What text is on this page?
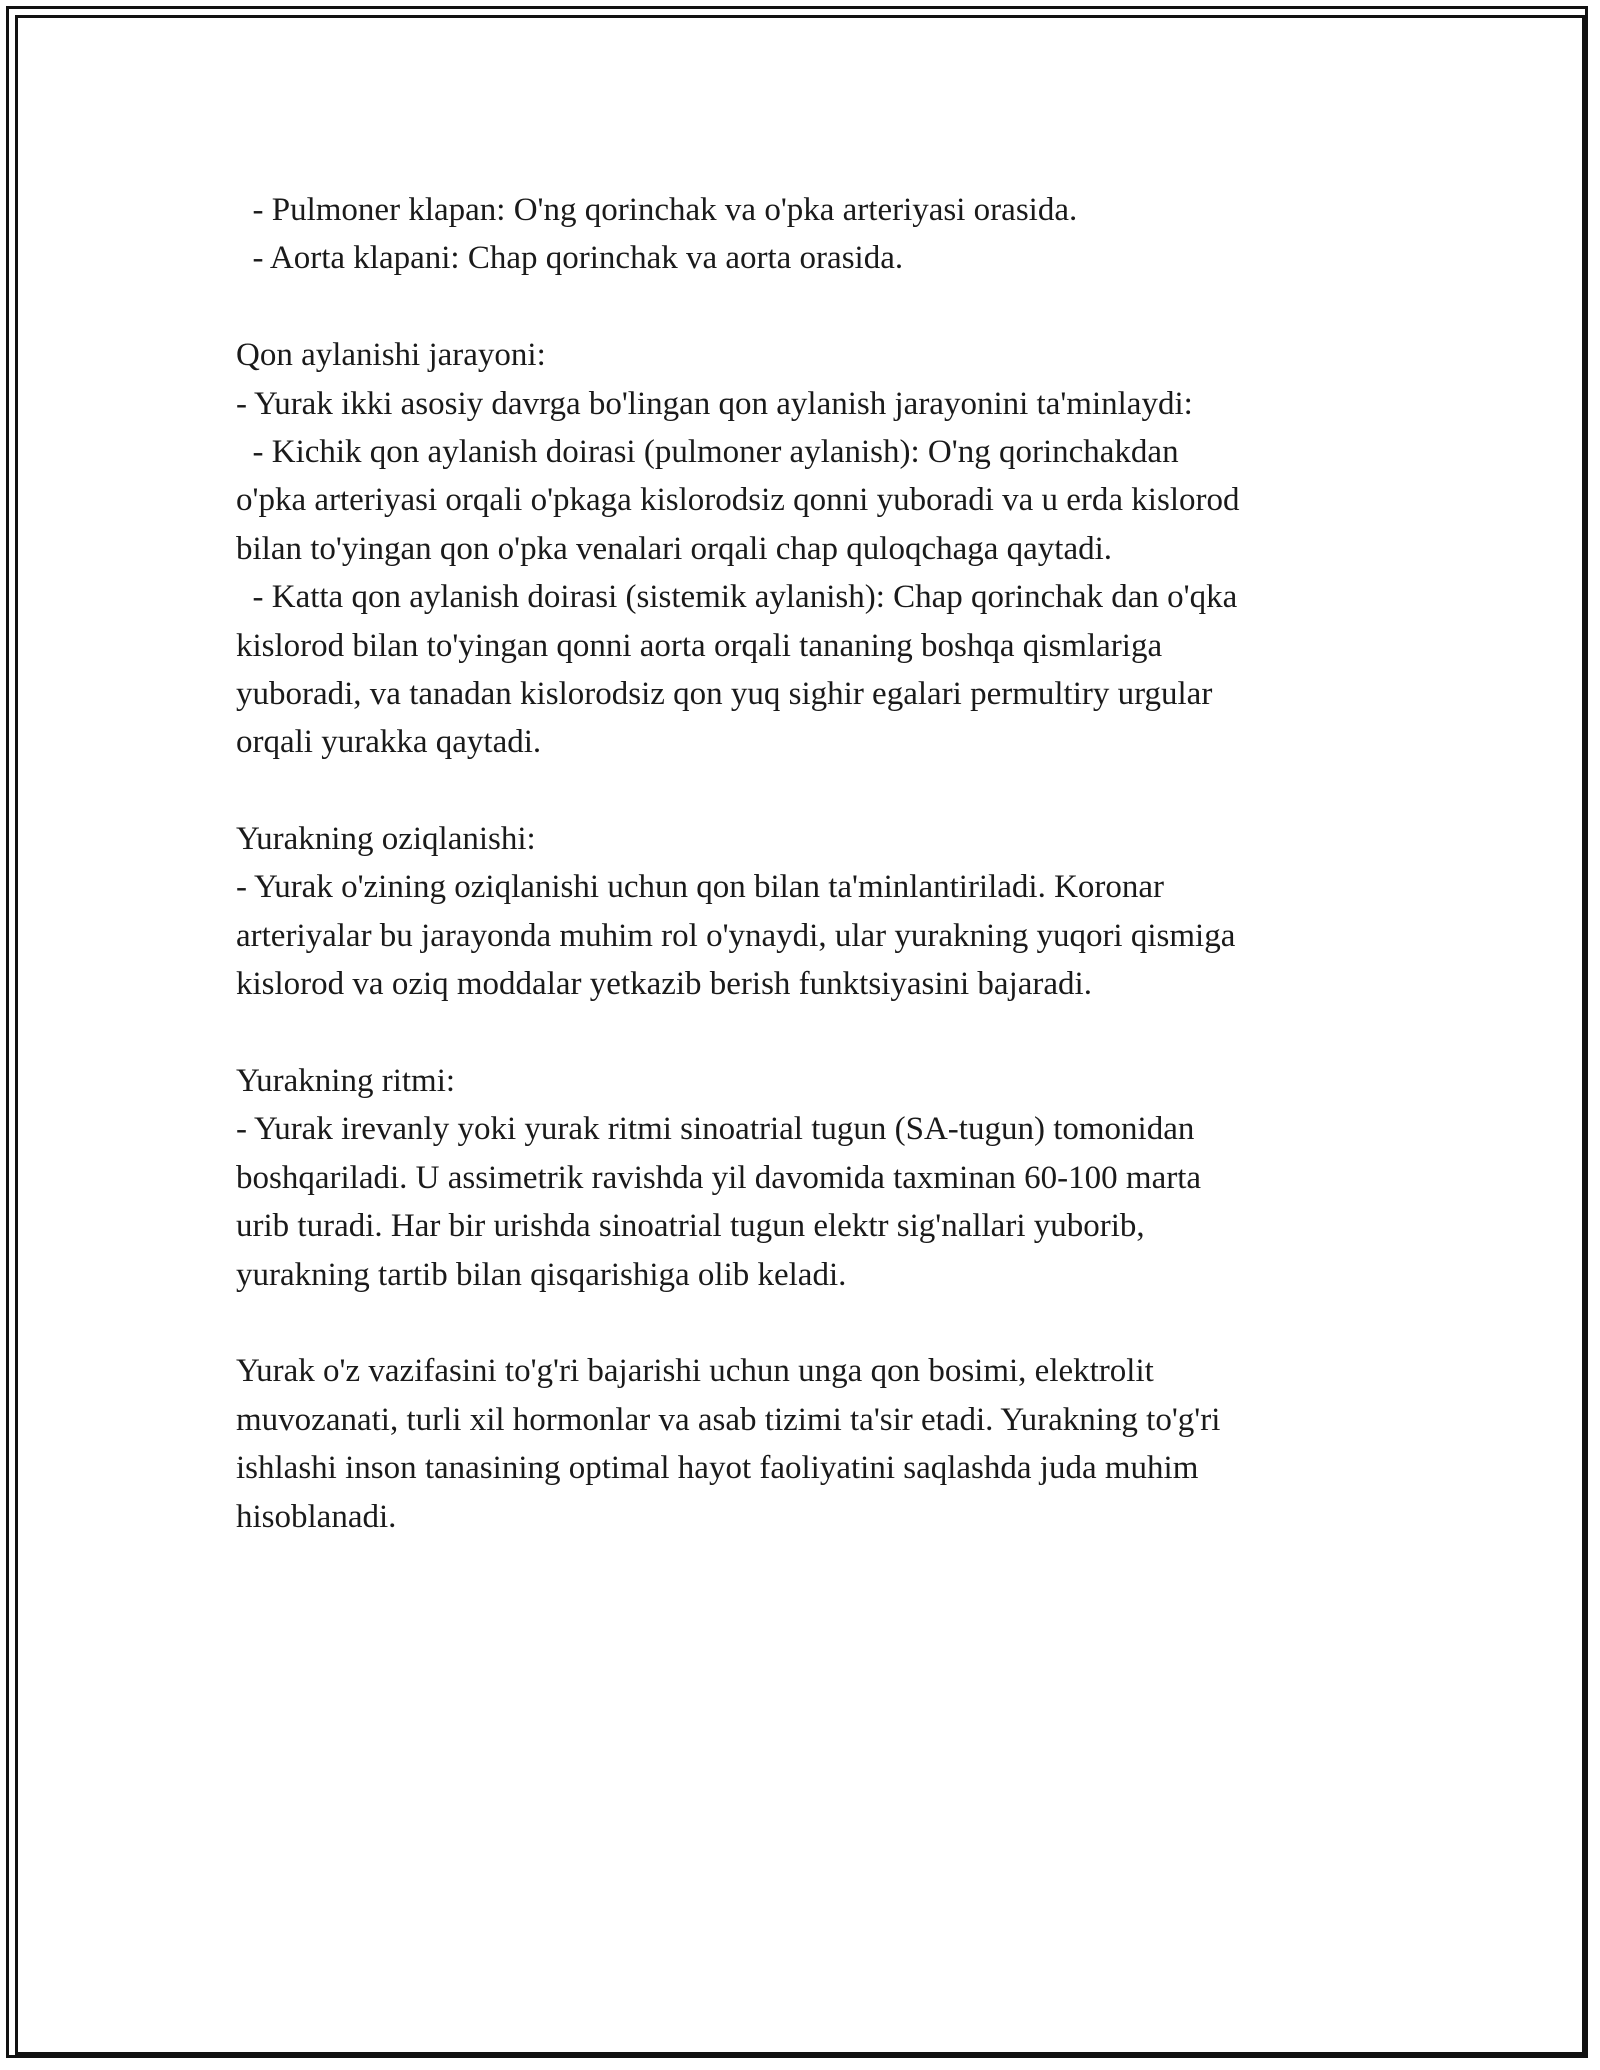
- Pulmoner klapan: O'ng qorinchak va o'pka arteriyasi orasida.
- Aorta klapani: Chap qorinchak va aorta orasida.
Qon aylanishi jarayoni:
- Yurak ikki asosiy davrga bo'lingan qon aylanish jarayonini ta'minlaydi:
- Kichik qon aylanish doirasi (pulmoner aylanish): O'ng qorinchakdan
o'pka arteriyasi orqali o'pkaga kislorodsiz qonni yuboradi va u erda kislorod
bilan to'yingan qon o'pka venalari orqali chap quloqchaga qaytadi.
- Katta qon aylanish doirasi (sistemik aylanish): Chap qorinchak dan o'qka
kislorod bilan to'yingan qonni aorta orqali tananing boshqa qismlariga
yuboradi, va tanadan kislorodsiz qon yuq sighir egalari permultiry urgular
orqali yurakka qaytadi.
Yurakning oziqlanishi:
- Yurak o'zining oziqlanishi uchun qon bilan ta'minlantiriladi. Koronar
arteriyalar bu jarayonda muhim rol o'ynaydi, ular yurakning yuqori qismiga
kislorod va oziq moddalar yetkazib berish funktsiyasini bajaradi.
Yurakning ritmi:
- Yurak irevanly yoki yurak ritmi sinoatrial tugun (SA-tugun) tomonidan
boshqariladi. U assimetrik ravishda yil davomida taxminan 60-100 marta
urib turadi. Har bir urishda sinoatrial tugun elektr sig'nallari yuborib,
yurakning tartib bilan qisqarishiga olib keladi.
Yurak o'z vazifasini to'g'ri bajarishi uchun unga qon bosimi, elektrolit
muvozanati, turli xil hormonlar va asab tizimi ta'sir etadi. Yurakning to'g'ri
ishlashi inson tanasining optimal hayot faoliyatini saqlashda juda muhim
hisoblanadi.
